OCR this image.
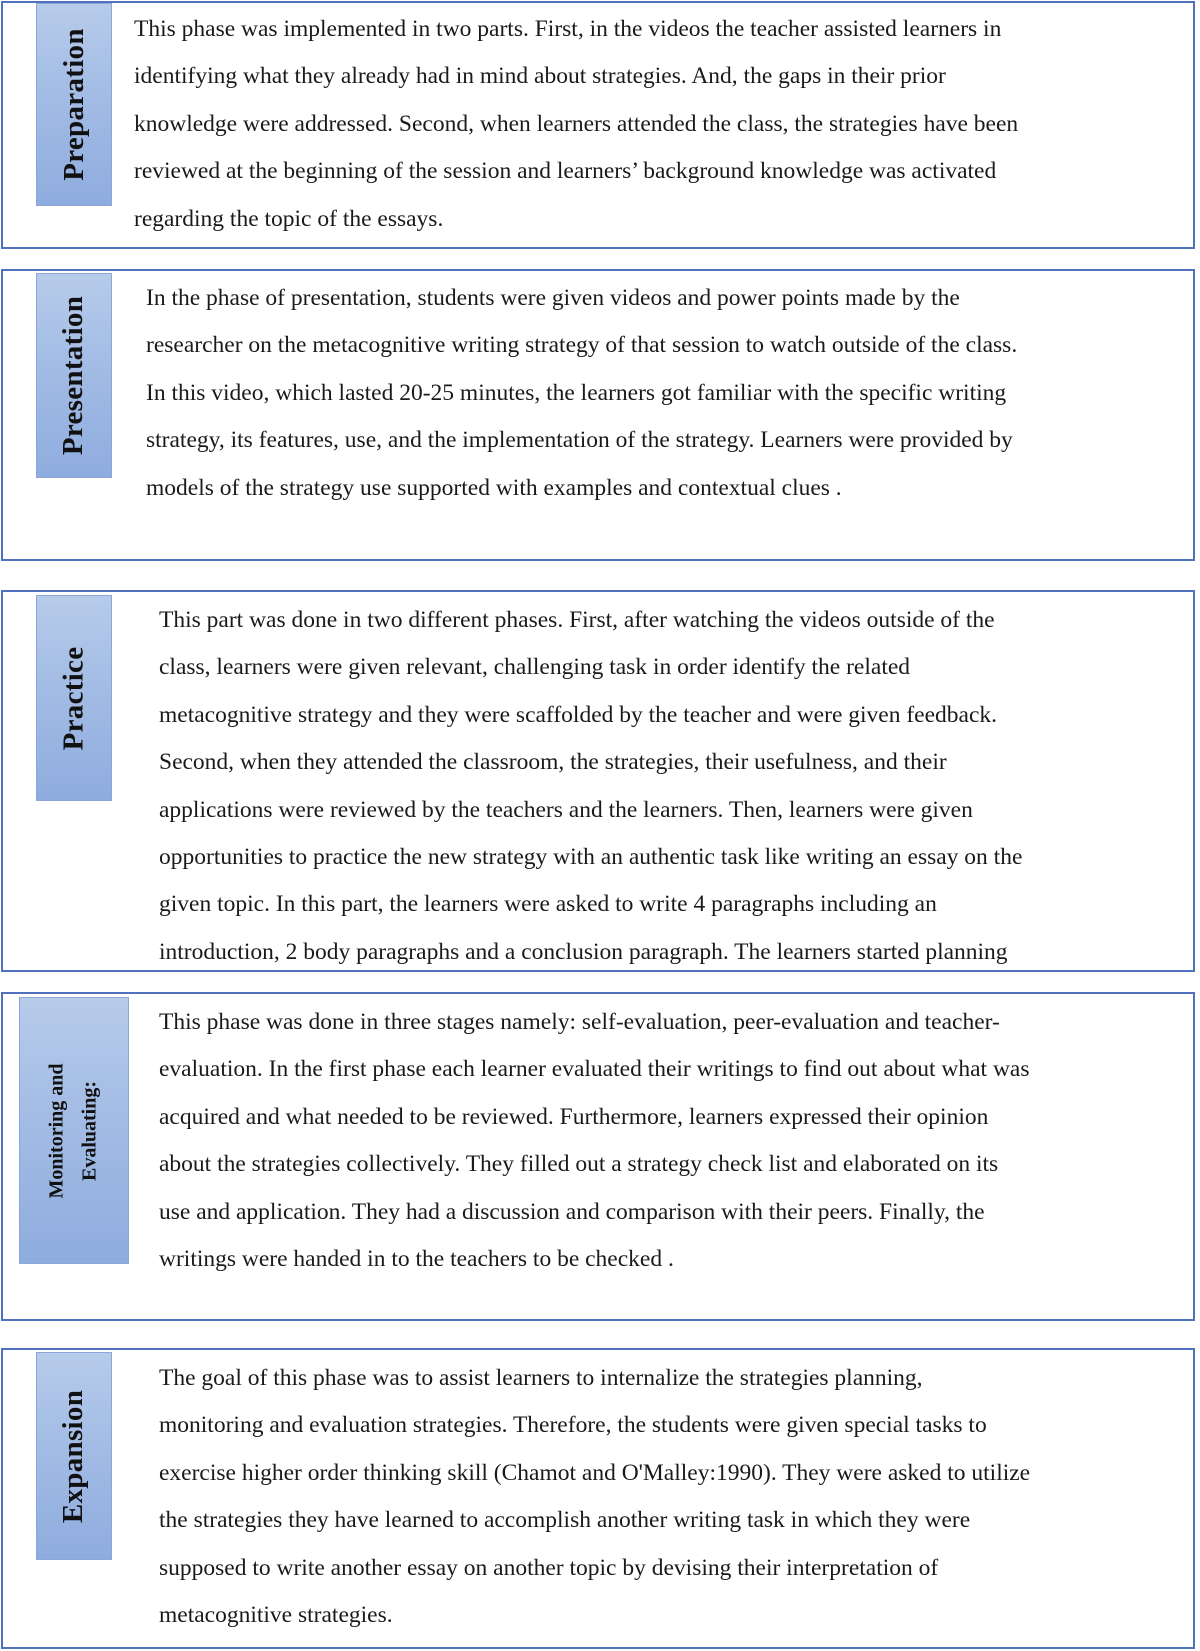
Preparation This phase was implemented in two parts. First, in the videos the teacher assisted learners in
identifying what they already had in mind about strategies. And, the gaps in their prior
knowledge were addressed. Second, when learners attended the class, the strategies have been
reviewed at the beginning of the session and learners’ background knowledge was activated
regarding the topic of the essays.

Presentation In the phase of presentation, students were given videos and power points made by the
researcher on the metacognitive writing strategy of that session to watch outside of the class.
In this video, which lasted 20-25 minutes, the learners got familiar with the specific writing
strategy, its features, use, and the implementation of the strategy. Learners were provided by
models of the strategy use supported with examples and contextual clues .

Practice

This part was done in two different phases. First, after watching the videos outside of the
class, learners were given relevant, challenging task in order identify the related
metacognitive strategy and they were scaffolded by the teacher and were given feedback.
Second, when they attended the classroom, the strategies, their usefulness, and their
applications were reviewed by the teachers and the learners. Then, learners were given
opportunities to practice the new strategy with an authentic task like writing an essay on the
given topic. In this part, the learners were asked to write 4 paragraphs including an
introduction, 2 body paragraphs and a conclusion paragraph. The learners started planning

Monitoring and Evaluating:

This phase was done in three stages namely: self-evaluation, peer-evaluation and teacher-
evaluation. In the first phase each learner evaluated their writings to find out about what was
acquired and what needed to be reviewed. Furthermore, learners expressed their opinion
about the strategies collectively. They filled out a strategy check list and elaborated on its
use and application. They had a discussion and comparison with their peers. Finally, the
writings were handed in to the teachers to be checked .

Expansion

The goal of this phase was to assist learners to internalize the strategies planning,
monitoring and evaluation strategies. Therefore, the students were given special tasks to
exercise higher order thinking skill (Chamot and O'Malley:1990). They were asked to utilize
the strategies they have learned to accomplish another writing task in which they were
supposed to write another essay on another topic by devising their interpretation of
metacognitive strategies.
